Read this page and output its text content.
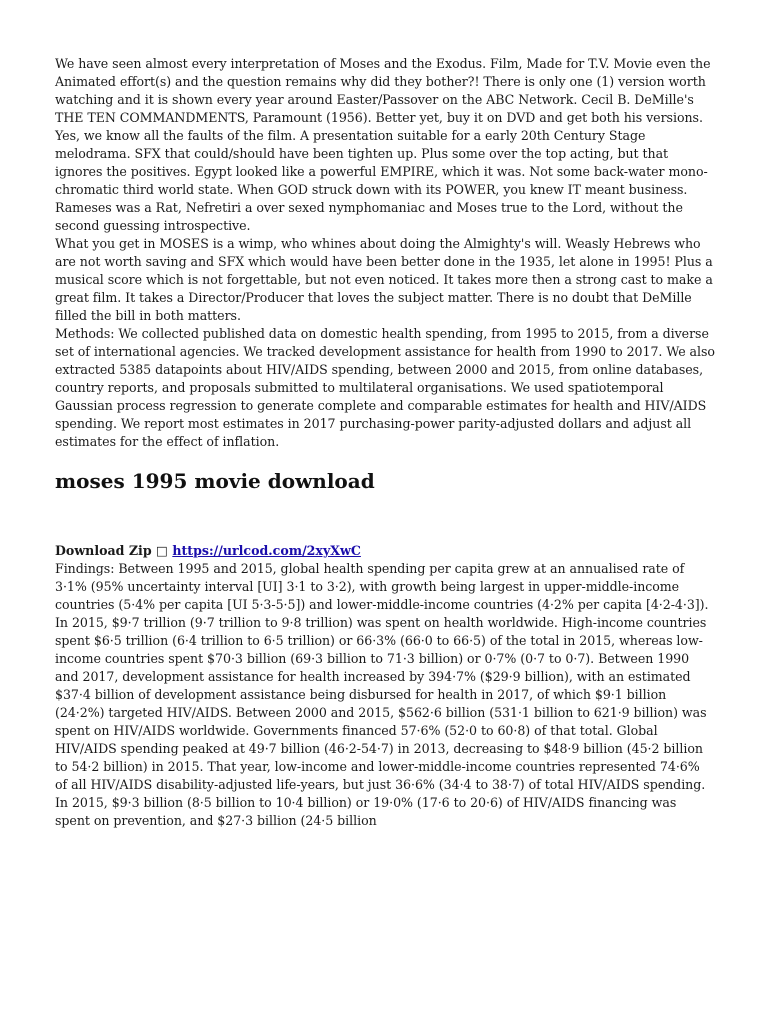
We have seen almost every interpretation of Moses and the Exodus. Film, Made for T.V. Movie even the Animated effort(s) and the question remains why did they bother?! There is only one (1) version worth watching and it is shown every year around Easter/Passover on the ABC Network. Cecil B. DeMille's THE TEN COMMANDMENTS, Paramount (1956). Better yet, buy it on DVD and get both his versions.

Yes, we know all the faults of the film. A presentation suitable for a early 20th Century Stage melodrama. SFX that could/should have been tighten up. Plus some over the top acting, but that ignores the positives. Egypt looked like a powerful EMPIRE, which it was. Not some back-water mono-chromatic third world state. When GOD struck down with its POWER, you knew IT meant business. Rameses was a Rat, Nefretiri a over sexed nymphomaniac and Moses true to the Lord, without the second guessing introspective.

What you get in MOSES is a wimp, who whines about doing the Almighty's will. Weasly Hebrews who are not worth saving and SFX which would have been better done in the 1935, let alone in 1995! Plus a musical score which is not forgettable, but not even noticed. It takes more then a strong cast to make a great film. It takes a Director/Producer that loves the subject matter. There is no doubt that DeMille filled the bill in both matters.

Methods: We collected published data on domestic health spending, from 1995 to 2015, from a diverse set of international agencies. We tracked development assistance for health from 1990 to 2017. We also extracted 5385 datapoints about HIV/AIDS spending, between 2000 and 2015, from online databases, country reports, and proposals submitted to multilateral organisations. We used spatiotemporal Gaussian process regression to generate complete and comparable estimates for health and HIV/AIDS spending. We report most estimates in 2017 purchasing-power parity-adjusted dollars and adjust all estimates for the effect of inflation.

moses 1995 movie download
Download Zip □ https://urlcod.com/2xyXwC

Findings: Between 1995 and 2015, global health spending per capita grew at an annualised rate of 3·1% (95% uncertainty interval [UI] 3·1 to 3·2), with growth being largest in upper-middle-income countries (5·4% per capita [UI 5·3-5·5]) and lower-middle-income countries (4·2% per capita [4·2-4·3]). In 2015, $9·7 trillion (9·7 trillion to 9·8 trillion) was spent on health worldwide. High-income countries spent $6·5 trillion (6·4 trillion to 6·5 trillion) or 66·3% (66·0 to 66·5) of the total in 2015, whereas low-income countries spent $70·3 billion (69·3 billion to 71·3 billion) or 0·7% (0·7 to 0·7). Between 1990 and 2017, development assistance for health increased by 394·7% ($29·9 billion), with an estimated $37·4 billion of development assistance being disbursed for health in 2017, of which $9·1 billion (24·2%) targeted HIV/AIDS. Between 2000 and 2015, $562·6 billion (531·1 billion to 621·9 billion) was spent on HIV/AIDS worldwide. Governments financed 57·6% (52·0 to 60·8) of that total. Global HIV/AIDS spending peaked at 49·7 billion (46·2-54·7) in 2013, decreasing to $48·9 billion (45·2 billion to 54·2 billion) in 2015. That year, low-income and lower-middle-income countries represented 74·6% of all HIV/AIDS disability-adjusted life-years, but just 36·6% (34·4 to 38·7) of total HIV/AIDS spending. In 2015, $9·3 billion (8·5 billion to 10·4 billion) or 19·0% (17·6 to 20·6) of HIV/AIDS financing was spent on prevention, and $27·3 billion (24·5 billion
